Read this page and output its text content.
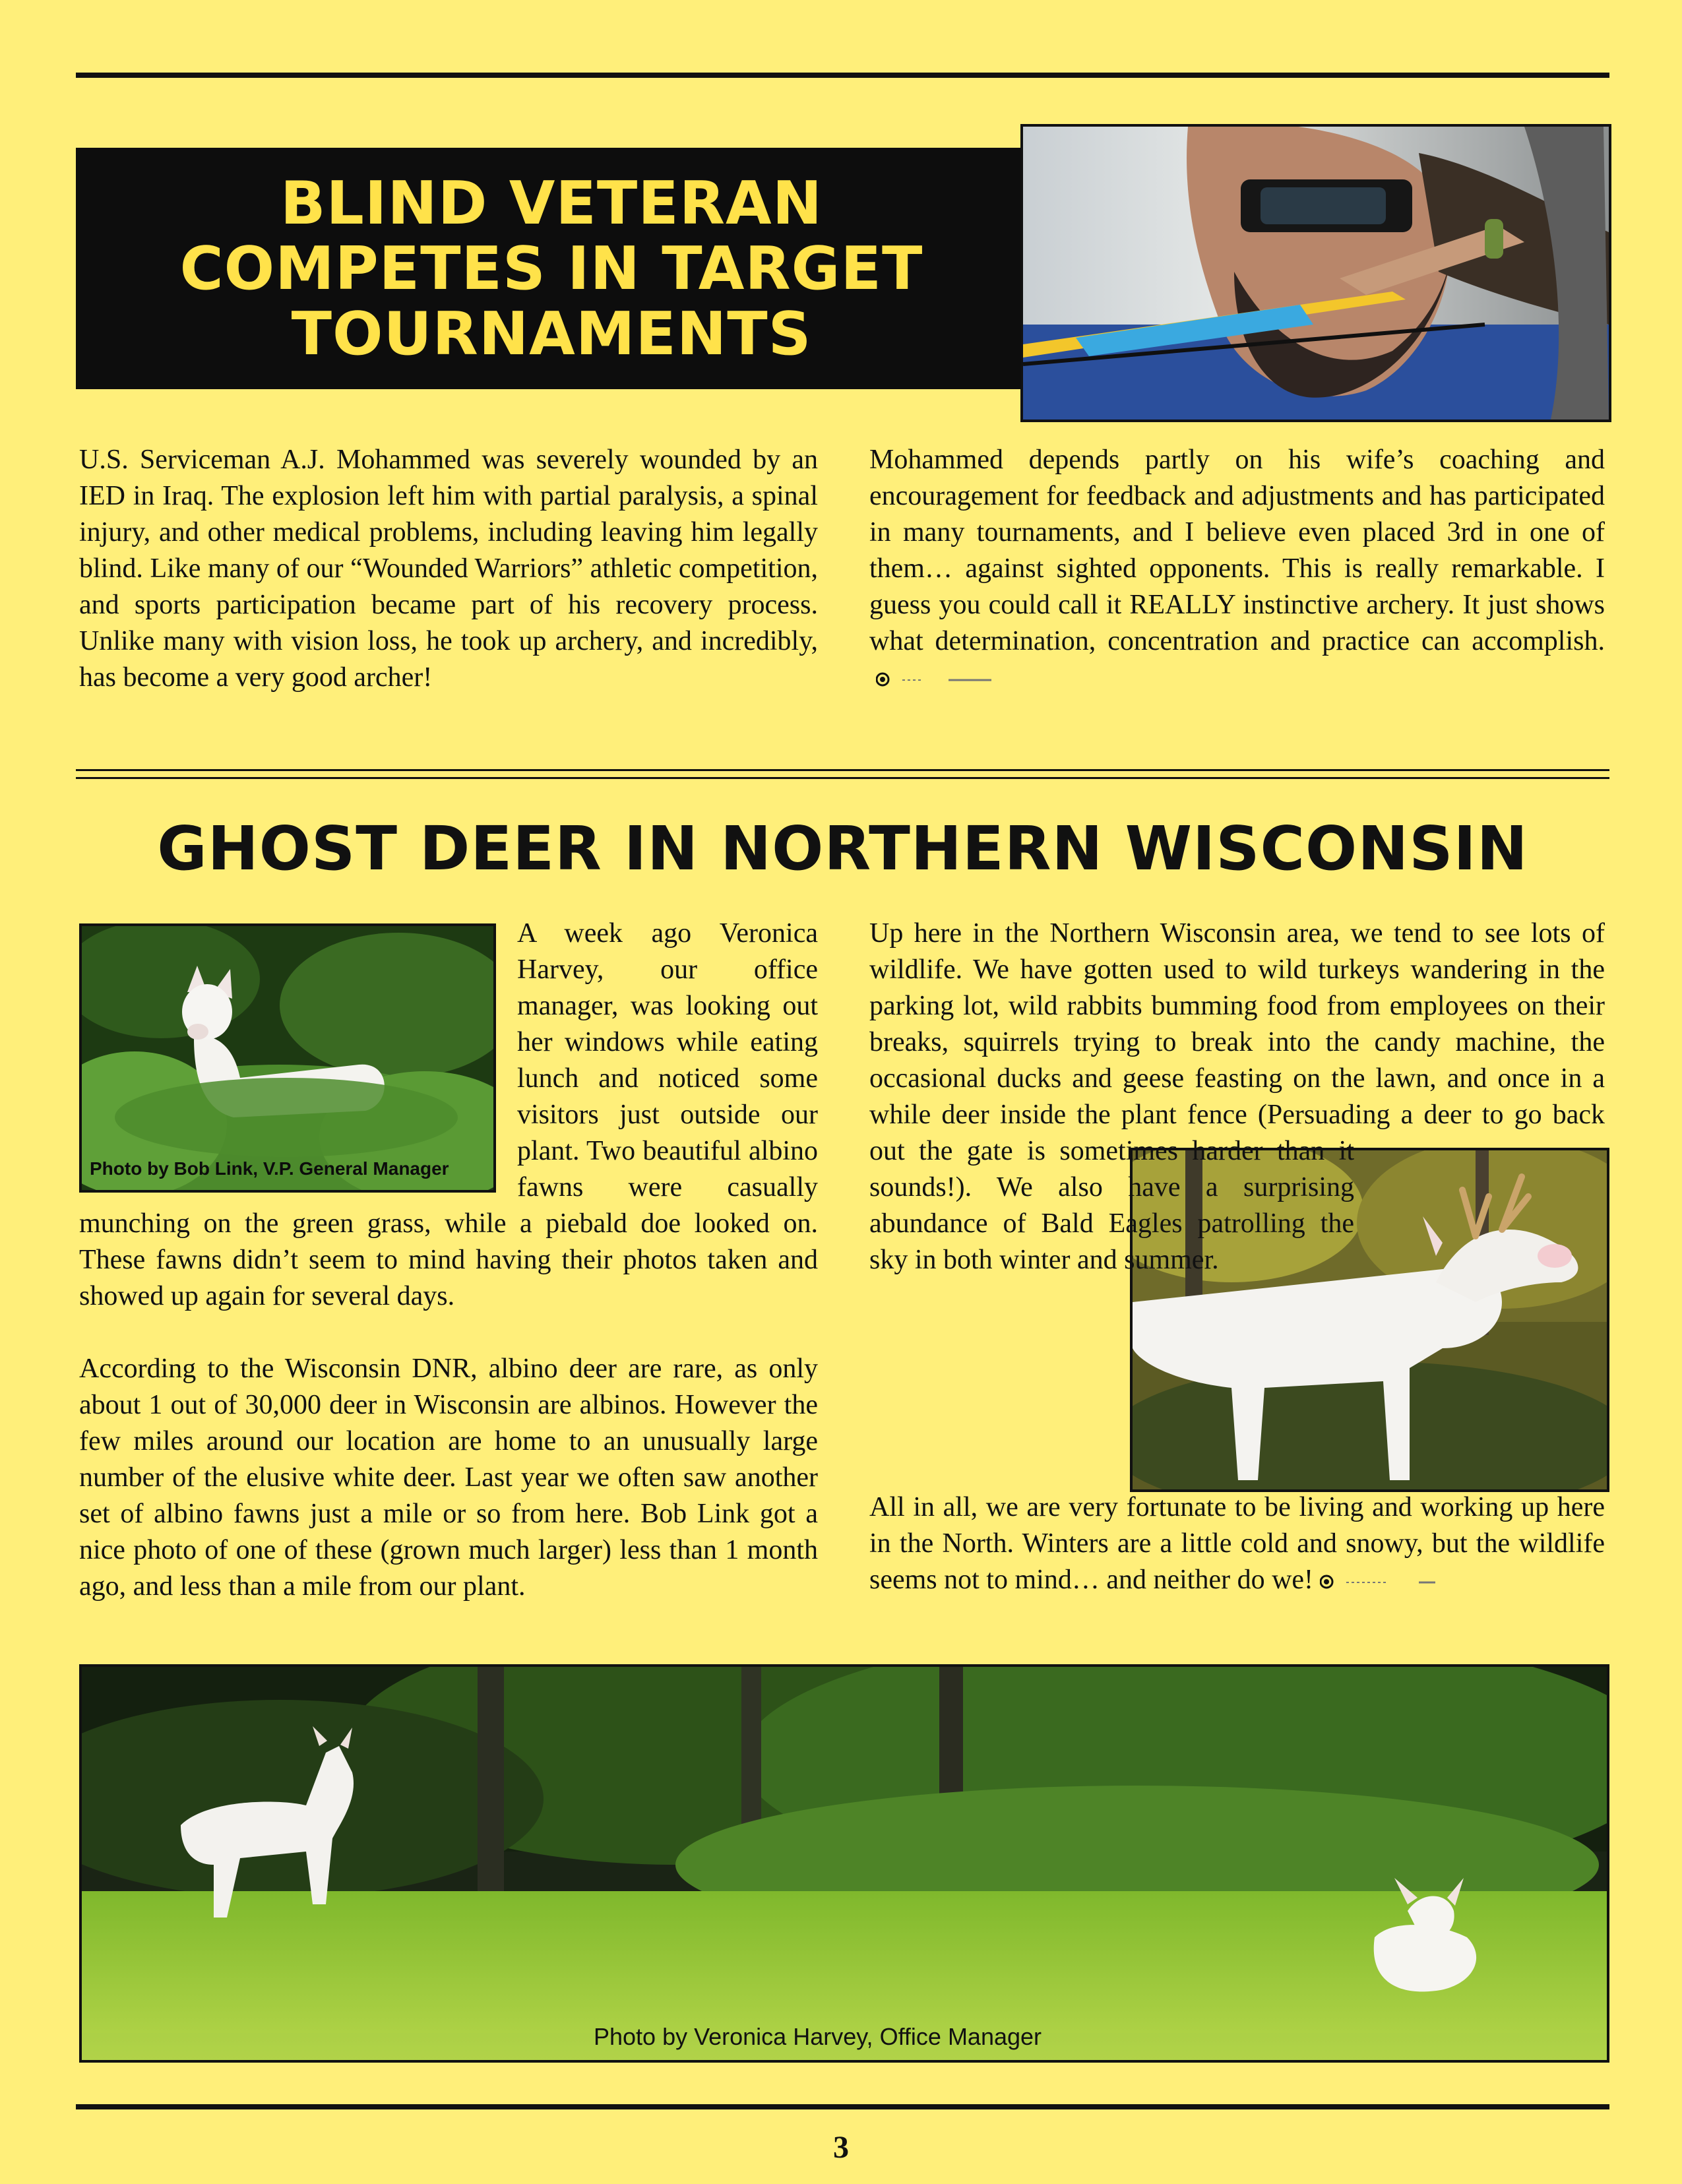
BLIND VETERAN COMPETES IN TARGET TOURNAMENTS

U.S. Serviceman A.J. Mohammed was severely wounded by an IED in Iraq. The explosion left him with partial paralysis, a spinal injury, and other medical problems, including leaving him legally blind. Like many of our “Wounded Warriors” athletic competition, and sports participation became part of his recovery process. Unlike many with vision loss, he took up archery, and incredibly, has become a very good archer!

Mohammed depends partly on his wife’s coaching and encouragement for feedback and adjustments and has participated in many tournaments, and I believe even placed 3rd in one of them… against sighted opponents. This is really remarkable. I guess you could call it REALLY instinctive archery. It just shows what determination, concentration and practice can accomplish.

GHOST DEER IN NORTHERN WISCONSIN
Photo by Bob Link, V.P. General Manager

A week ago Veronica Harvey, our office manager, was looking out her windows while eating lunch and noticed some visitors just outside our plant. Two beautiful albino fawns were casually munching on the green grass, while a piebald doe looked on. These fawns didn’t seem to mind having their photos taken and showed up again for several days.

According to the Wisconsin DNR, albino deer are rare, as only about 1 out of 30,000 deer in Wisconsin are albinos. However the few miles around our location are home to an unusually large number of the elusive white deer. Last year we often saw another set of albino fawns just a mile or so from here. Bob Link got a nice photo of one of these (grown much larger) less than 1 month ago, and less than a mile from our plant.

Up here in the Northern Wisconsin area, we tend to see lots of wildlife. We have gotten used to wild turkeys wandering in the parking lot, wild rabbits bumming food from employees on their breaks, squirrels trying to break into the candy machine, the occasional ducks and geese feasting on the lawn, and once in a while deer inside the plant fence (Persuading a deer to go back out the gate is sometimes harder than it sounds!). We also have a surprising abundance of Bald Eagles patrolling the sky in both winter and summer.

All in all, we are very fortunate to be living and working up here in the North. Winters are a little cold and snowy, but the wildlife seems not to mind… and neither do we!

Photo by Veronica Harvey, Office Manager
3
